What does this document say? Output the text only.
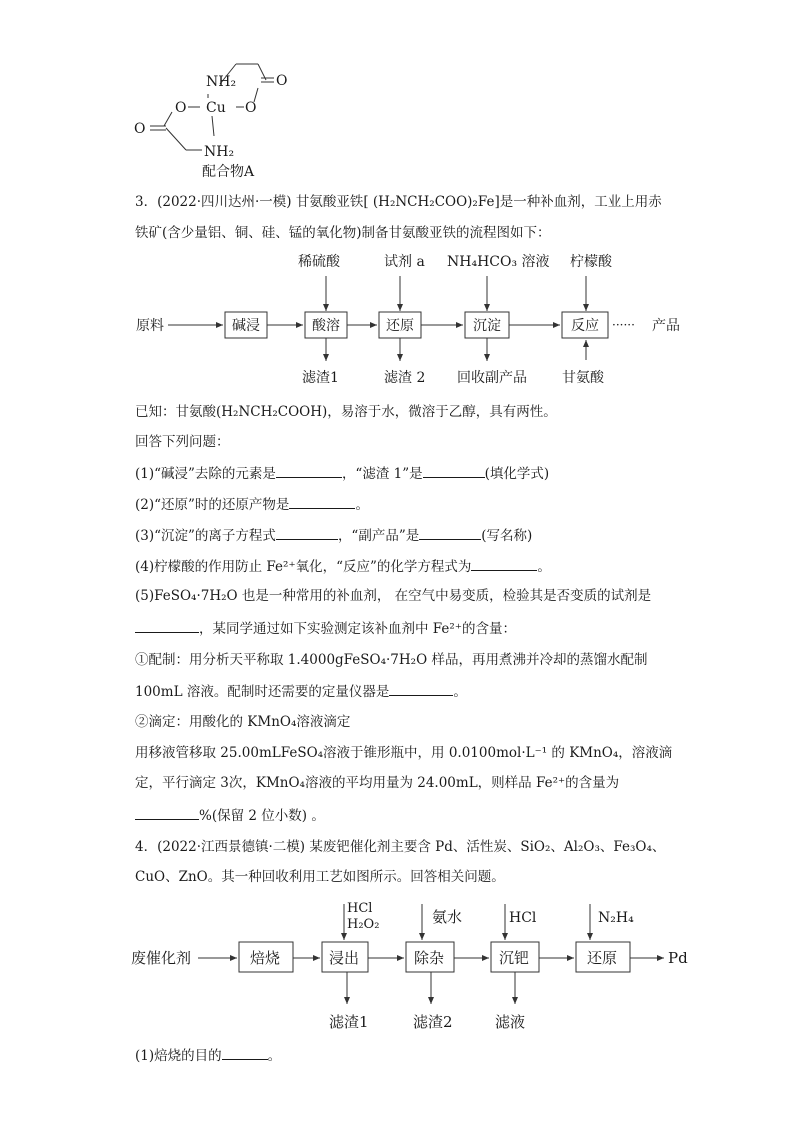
NH₂	O
O Cu O
O
NH₂
配合物A
3．(2022·四川达州·一模) 甘氨酸亚铁[ (H₂NCH₂COO)₂Fe]是一种补血剂，工业上用赤
铁矿(含少量铝、铜、硅、锰的氧化物)制备甘氨酸亚铁的流程图如下：
稀硫酸	试剂 a NH₄HCO₃ 溶液 柠檬酸
原料	碱浸	酸溶	还原	沉淀	反应 ······ 产品
滤渣1	滤渣 2 回收副产品	甘氨酸
已知：甘氨酸(H₂NCH₂COOH)，易溶于水，微溶于乙醇，具有两性。
回答下列问题：
(1)“碱浸”去除的元素是	，“滤渣 1”是	(填化学式)
(2)“还原”时的还原产物是	。
(3)“沉淀”的离子方程式	，“副产品”是	(写名称)
(4)柠檬酸的作用防止 Fe²⁺氧化，“反应”的化学方程式为	。
(5)FeSO₄·7H₂O 也是一种常用的补血剂， 在空气中易变质，检验其是否变质的试剂是
，某同学通过如下实验测定该补血剂中 Fe²⁺的含量：
①配制：用分析天平称取 1.4000gFeSO₄·7H₂O 样品，再用煮沸并冷却的蒸馏水配制
100mL 溶液。配制时还需要的定量仪器是	。
②滴定：用酸化的 KMnO₄溶液滴定
用移液管移取 25.00mLFeSO₄溶液于锥形瓶中，用 0.0100mol·L⁻¹ 的 KMnO₄，溶液滴
定，平行滴定 3次，KMnO₄溶液的平均用量为 24.00mL，则样品 Fe²⁺的含量为
%(保留 2 位小数) 。
4．(2022·江西景德镇·二模) 某废钯催化剂主要含 Pd、活性炭、SiO₂、Al₂O₃、Fe₃O₄、
CuO、ZnO。其一种回收利用工艺如图所示。回答相关问题。
HCl
H₂O₂	氨水	HCl	N₂H₄
废催化剂	焙烧	浸出	除杂	沉钯	还原	Pd
滤渣1	滤渣2	滤液
(1)焙烧的目的	。
